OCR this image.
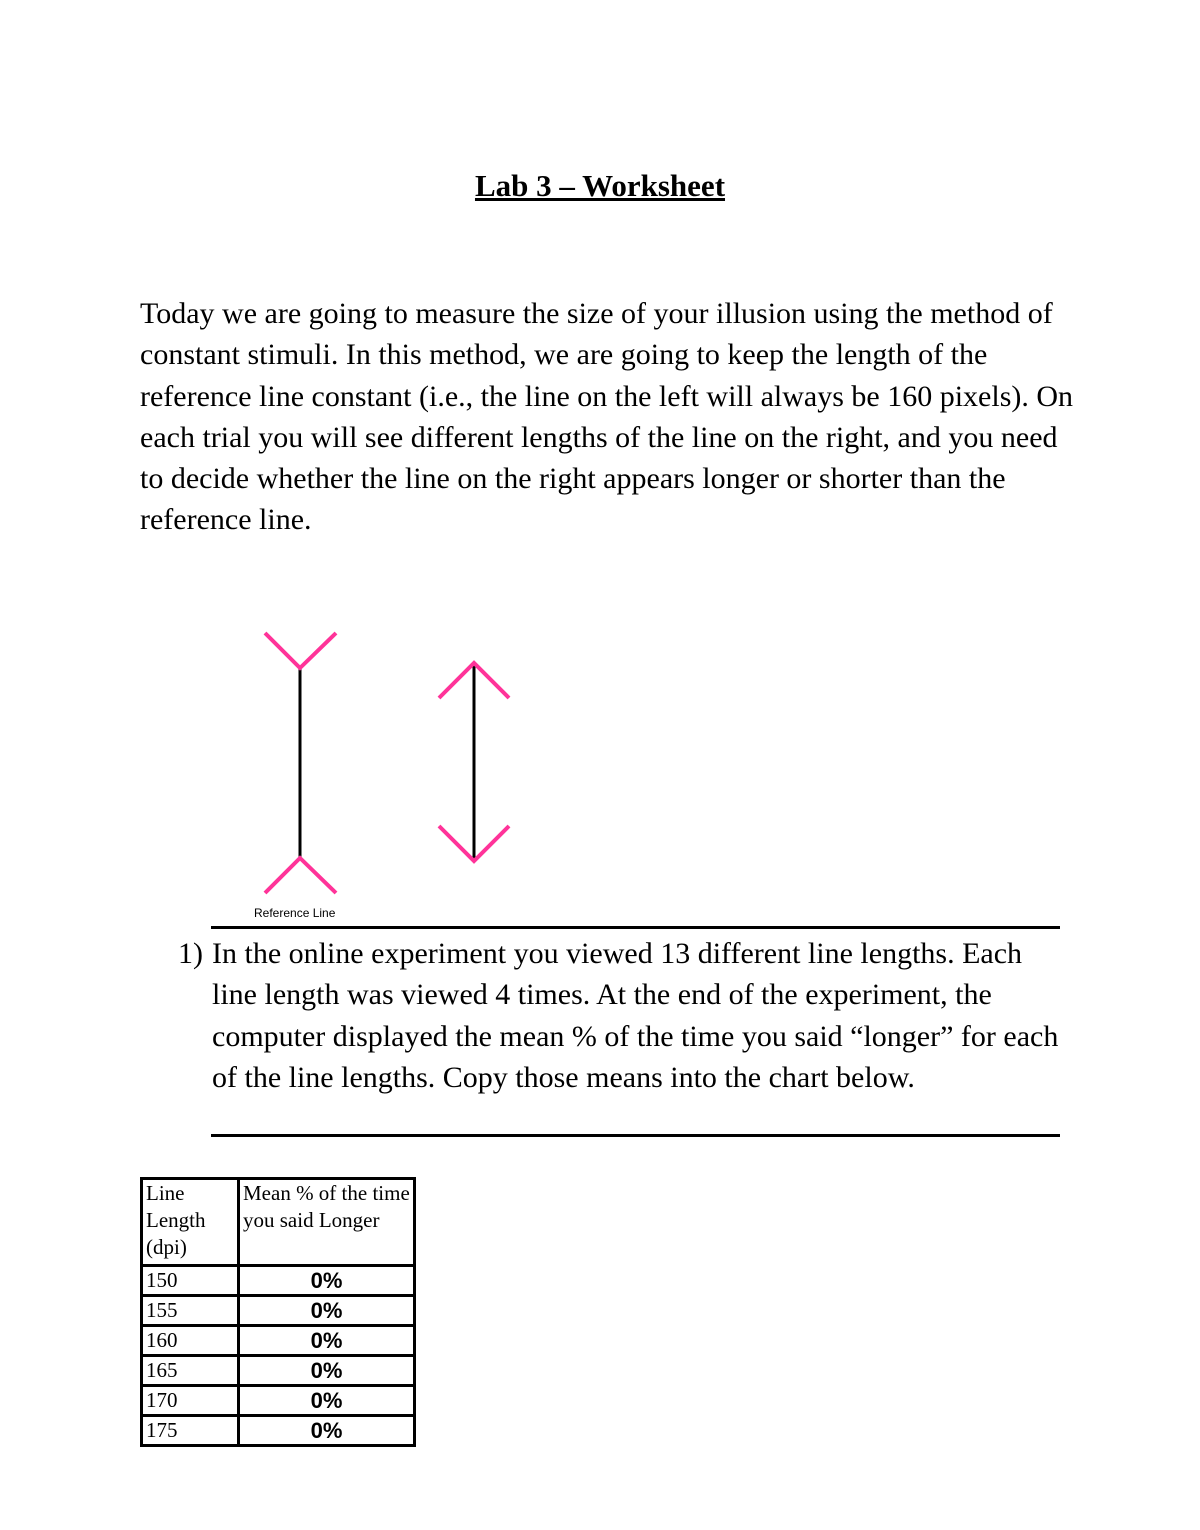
Lab 3 – Worksheet

Today we are going to measure the size of your illusion using the method of constant stimuli. In this method, we are going to keep the length of the reference line constant (i.e., the line on the left will always be 160 pixels). On each trial you will see different lengths of the line on the right, and you need to decide whether the line on the right appears longer or shorter than the reference line.

Reference Line
1) In the online experiment you viewed 13 different line lengths. Each line length was viewed 4 times. At the end of the experiment, the computer displayed the mean % of the time you said “longer” for each of the line lengths. Copy those means into the chart below.

Line Length (dpi)	Mean % of the time you said Longer
150	0%
155	0%
160	0%
165	0%
170	0%
175	0%
